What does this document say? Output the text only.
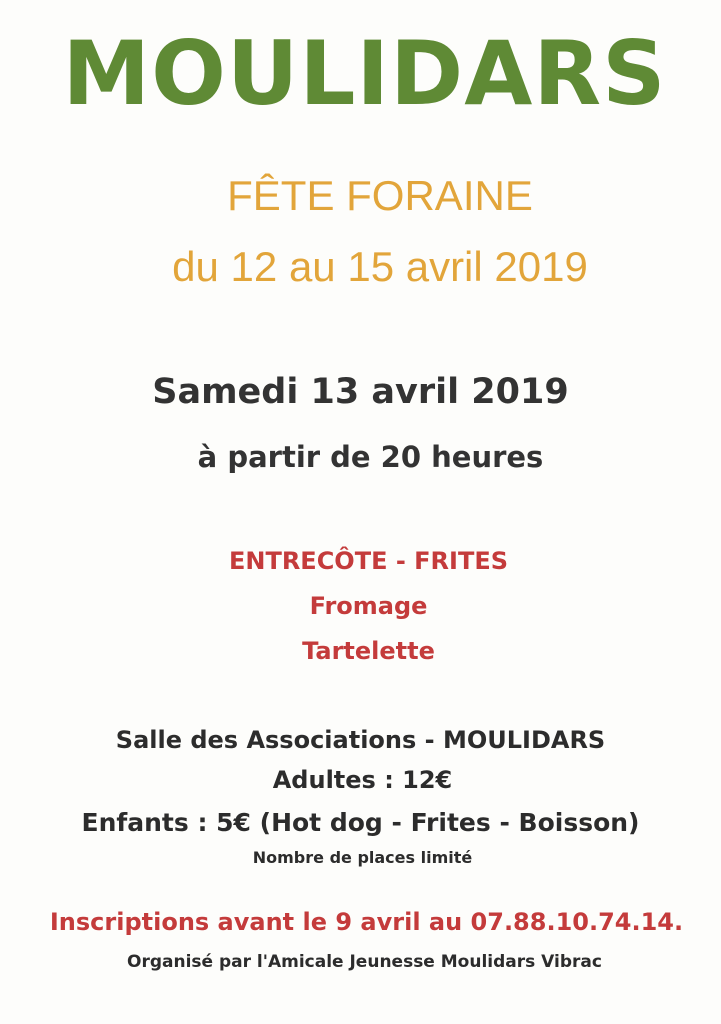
MOULIDARS
FÊTE FORAINE
du 12 au 15 avril 2019
Samedi 13 avril 2019
à partir de 20 heures
ENTRECÔTE - FRITES
Fromage
Tartelette
Salle des Associations - MOULIDARS
Adultes : 12€
Enfants : 5€ (Hot dog - Frites - Boisson)
Nombre de places limité
Inscriptions avant le 9 avril au 07.88.10.74.14.
Organisé par l'Amicale Jeunesse Moulidars Vibrac
